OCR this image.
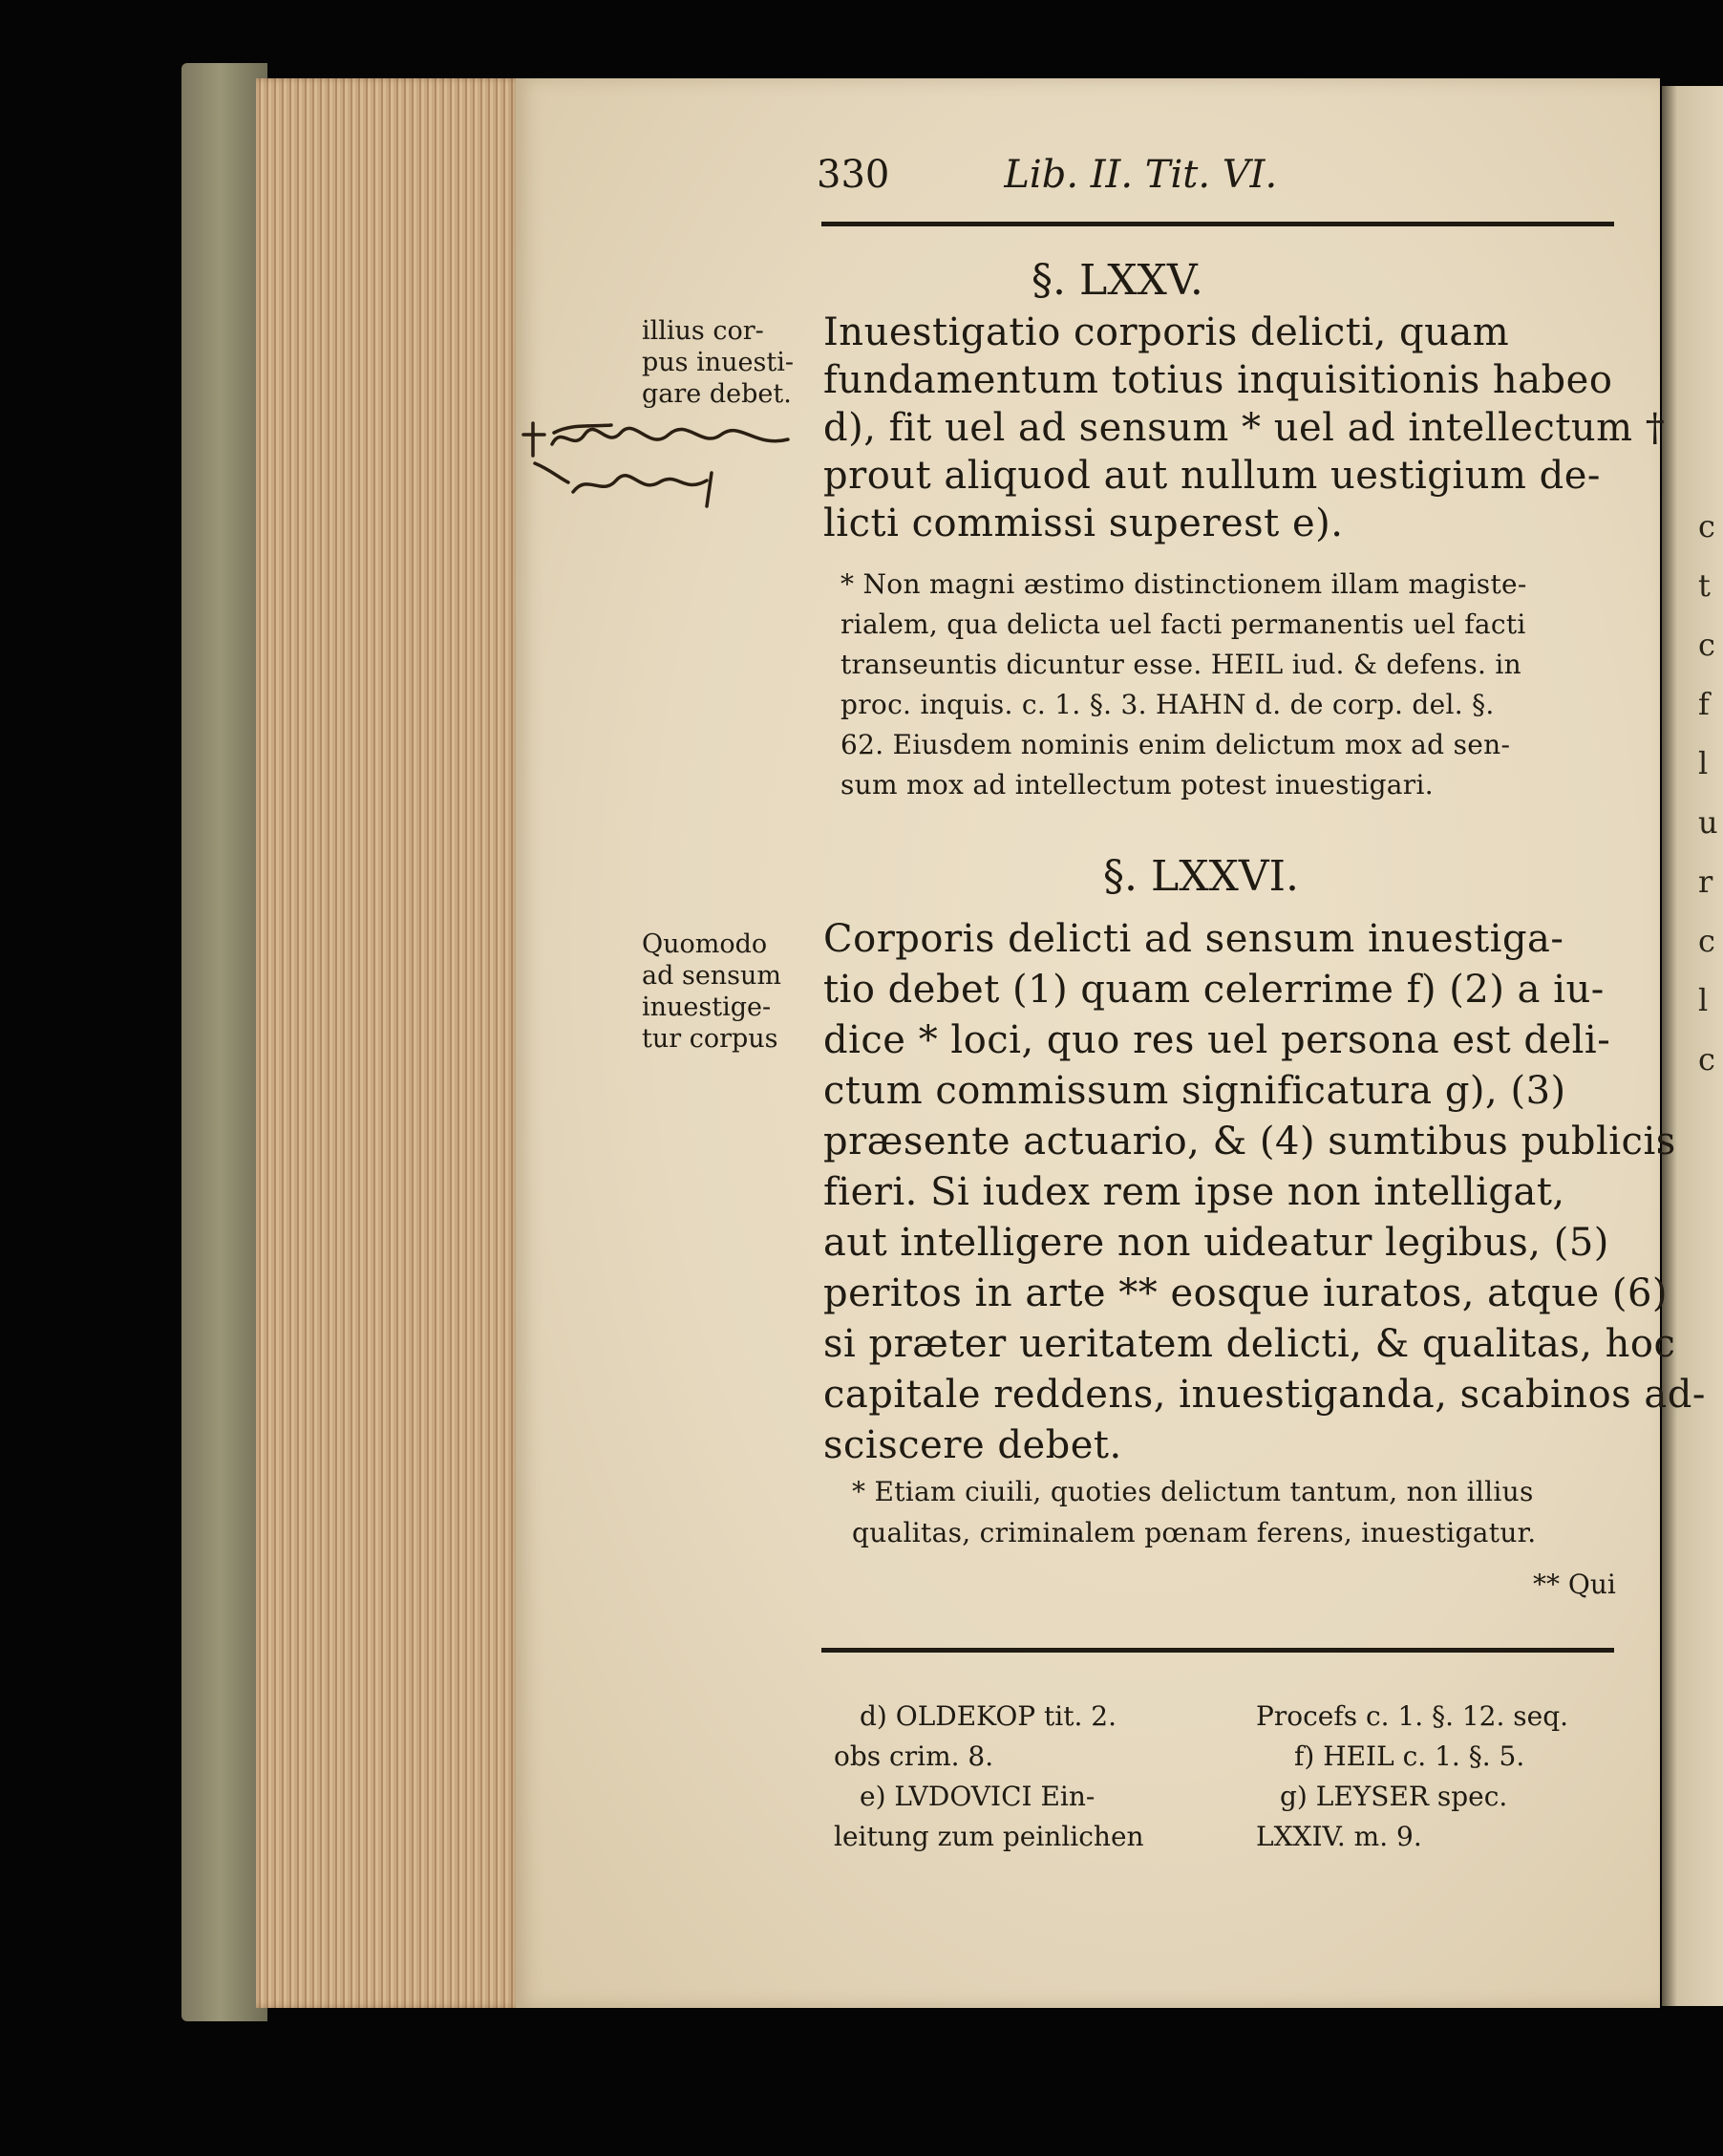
c
t
c
f
l
u
r
c
l
c
330	Lib. II. Tit. VI.
§. LXXV.
Inuestigatio corporis delicti, quam
fundamentum totius inquisitionis habeo
d), fit uel ad sensum * uel ad intellectum †
prout aliquod aut nullum uestigium de-
licti commissi superest e).
* Non magni æstimo distinctionem illam magiste-
rialem, qua delicta uel facti permanentis uel facti
transeuntis dicuntur esse. HEIL iud. & defens. in
proc. inquis. c. 1. §. 3. HAHN d. de corp. del. §.
62. Eiusdem nominis enim delictum mox ad sen-
sum mox ad intellectum potest inuestigari.
§. LXXVI.
Corporis delicti ad sensum inuestiga-
tio debet (1) quam celerrime f) (2) a iu-
dice * loci, quo res uel persona est deli-
ctum commissum significatura g), (3)
præsente actuario, & (4) sumtibus publicis
fieri. Si iudex rem ipse non intelligat,
aut intelligere non uideatur legibus, (5)
peritos in arte ** eosque iuratos, atque (6)
si præter ueritatem delicti, & qualitas, hoc
capitale reddens, inuestiganda, scabinos ad-
sciscere debet.
* Etiam ciuili, quoties delictum tantum, non illius
qualitas, criminalem pœnam ferens, inuestigatur.
** Qui
d) OLDEKOP tit. 2.	Procefs c. 1. §. 12. seq.
obs crim. 8.	f) HEIL c. 1. §. 5.
e) LVDOVICI Ein-	g) LEYSER spec.
leitung zum peinlichen	LXXIV. m. 9.
illius cor-
pus inuesti-
gare debet.
Quomodo
ad sensum
inuestige-
tur corpus
